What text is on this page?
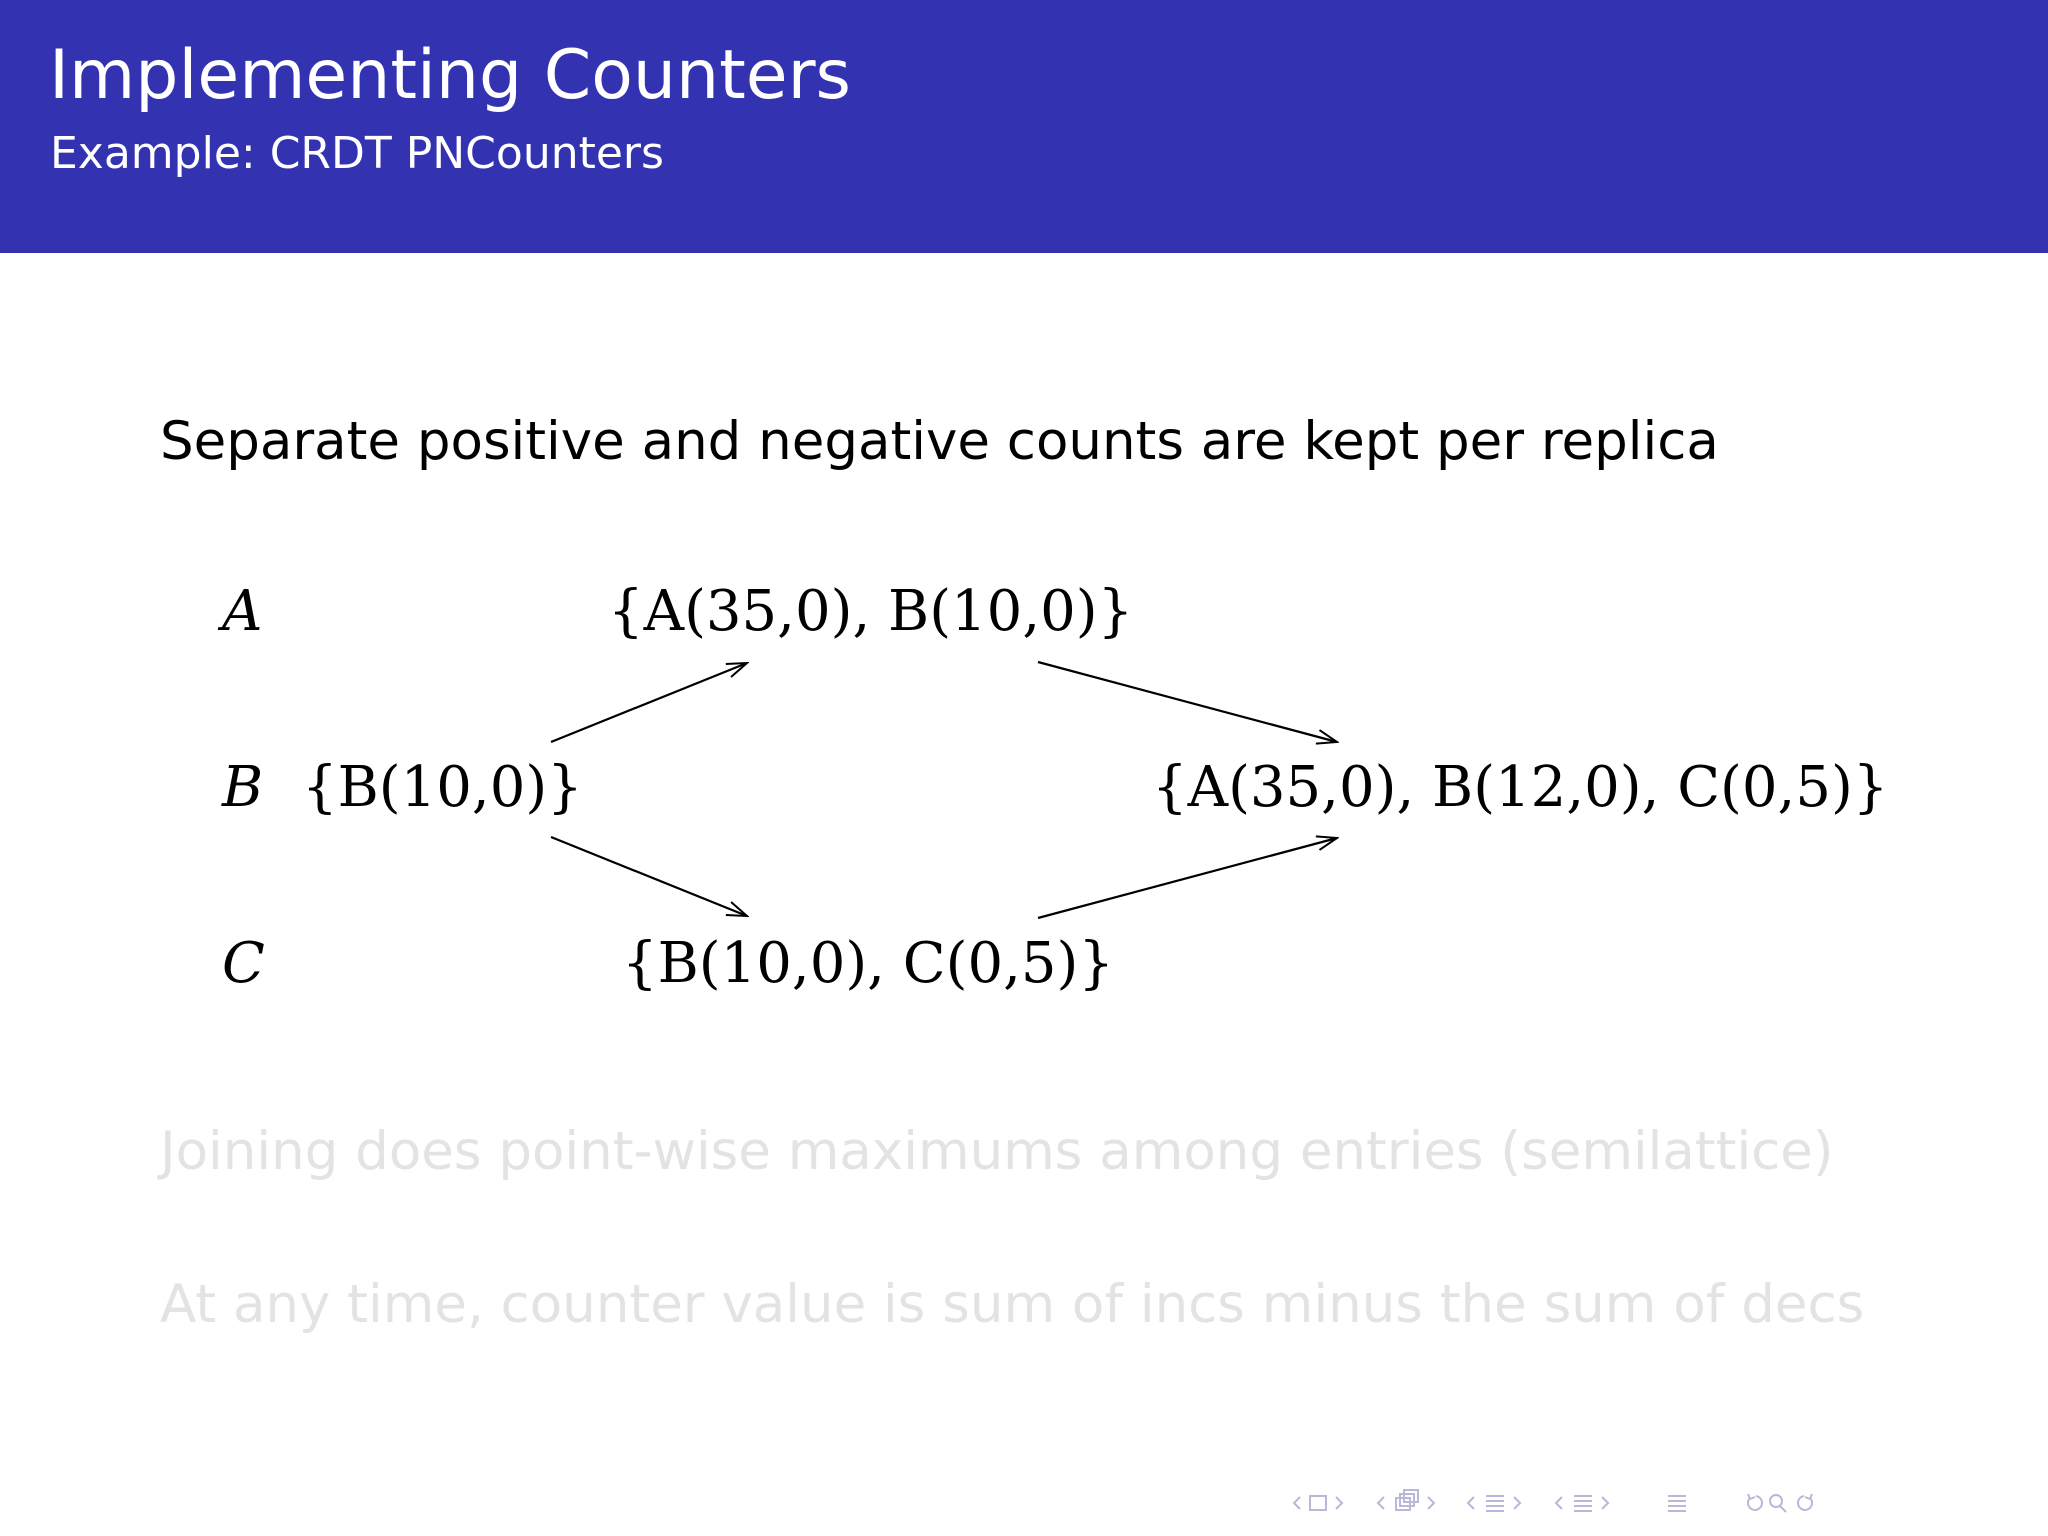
Implementing Counters
Example: CRDT PNCounters
Separate positive and negative counts are kept per replica
A
B
C
{B(10,0)}
{A(35,0), B(10,0)}
{B(10,0), C(0,5)}
{A(35,0), B(12,0), C(0,5)}
Joining does point-wise maximums among entries (semilattice)
At any time, counter value is sum of incs minus the sum of decs
